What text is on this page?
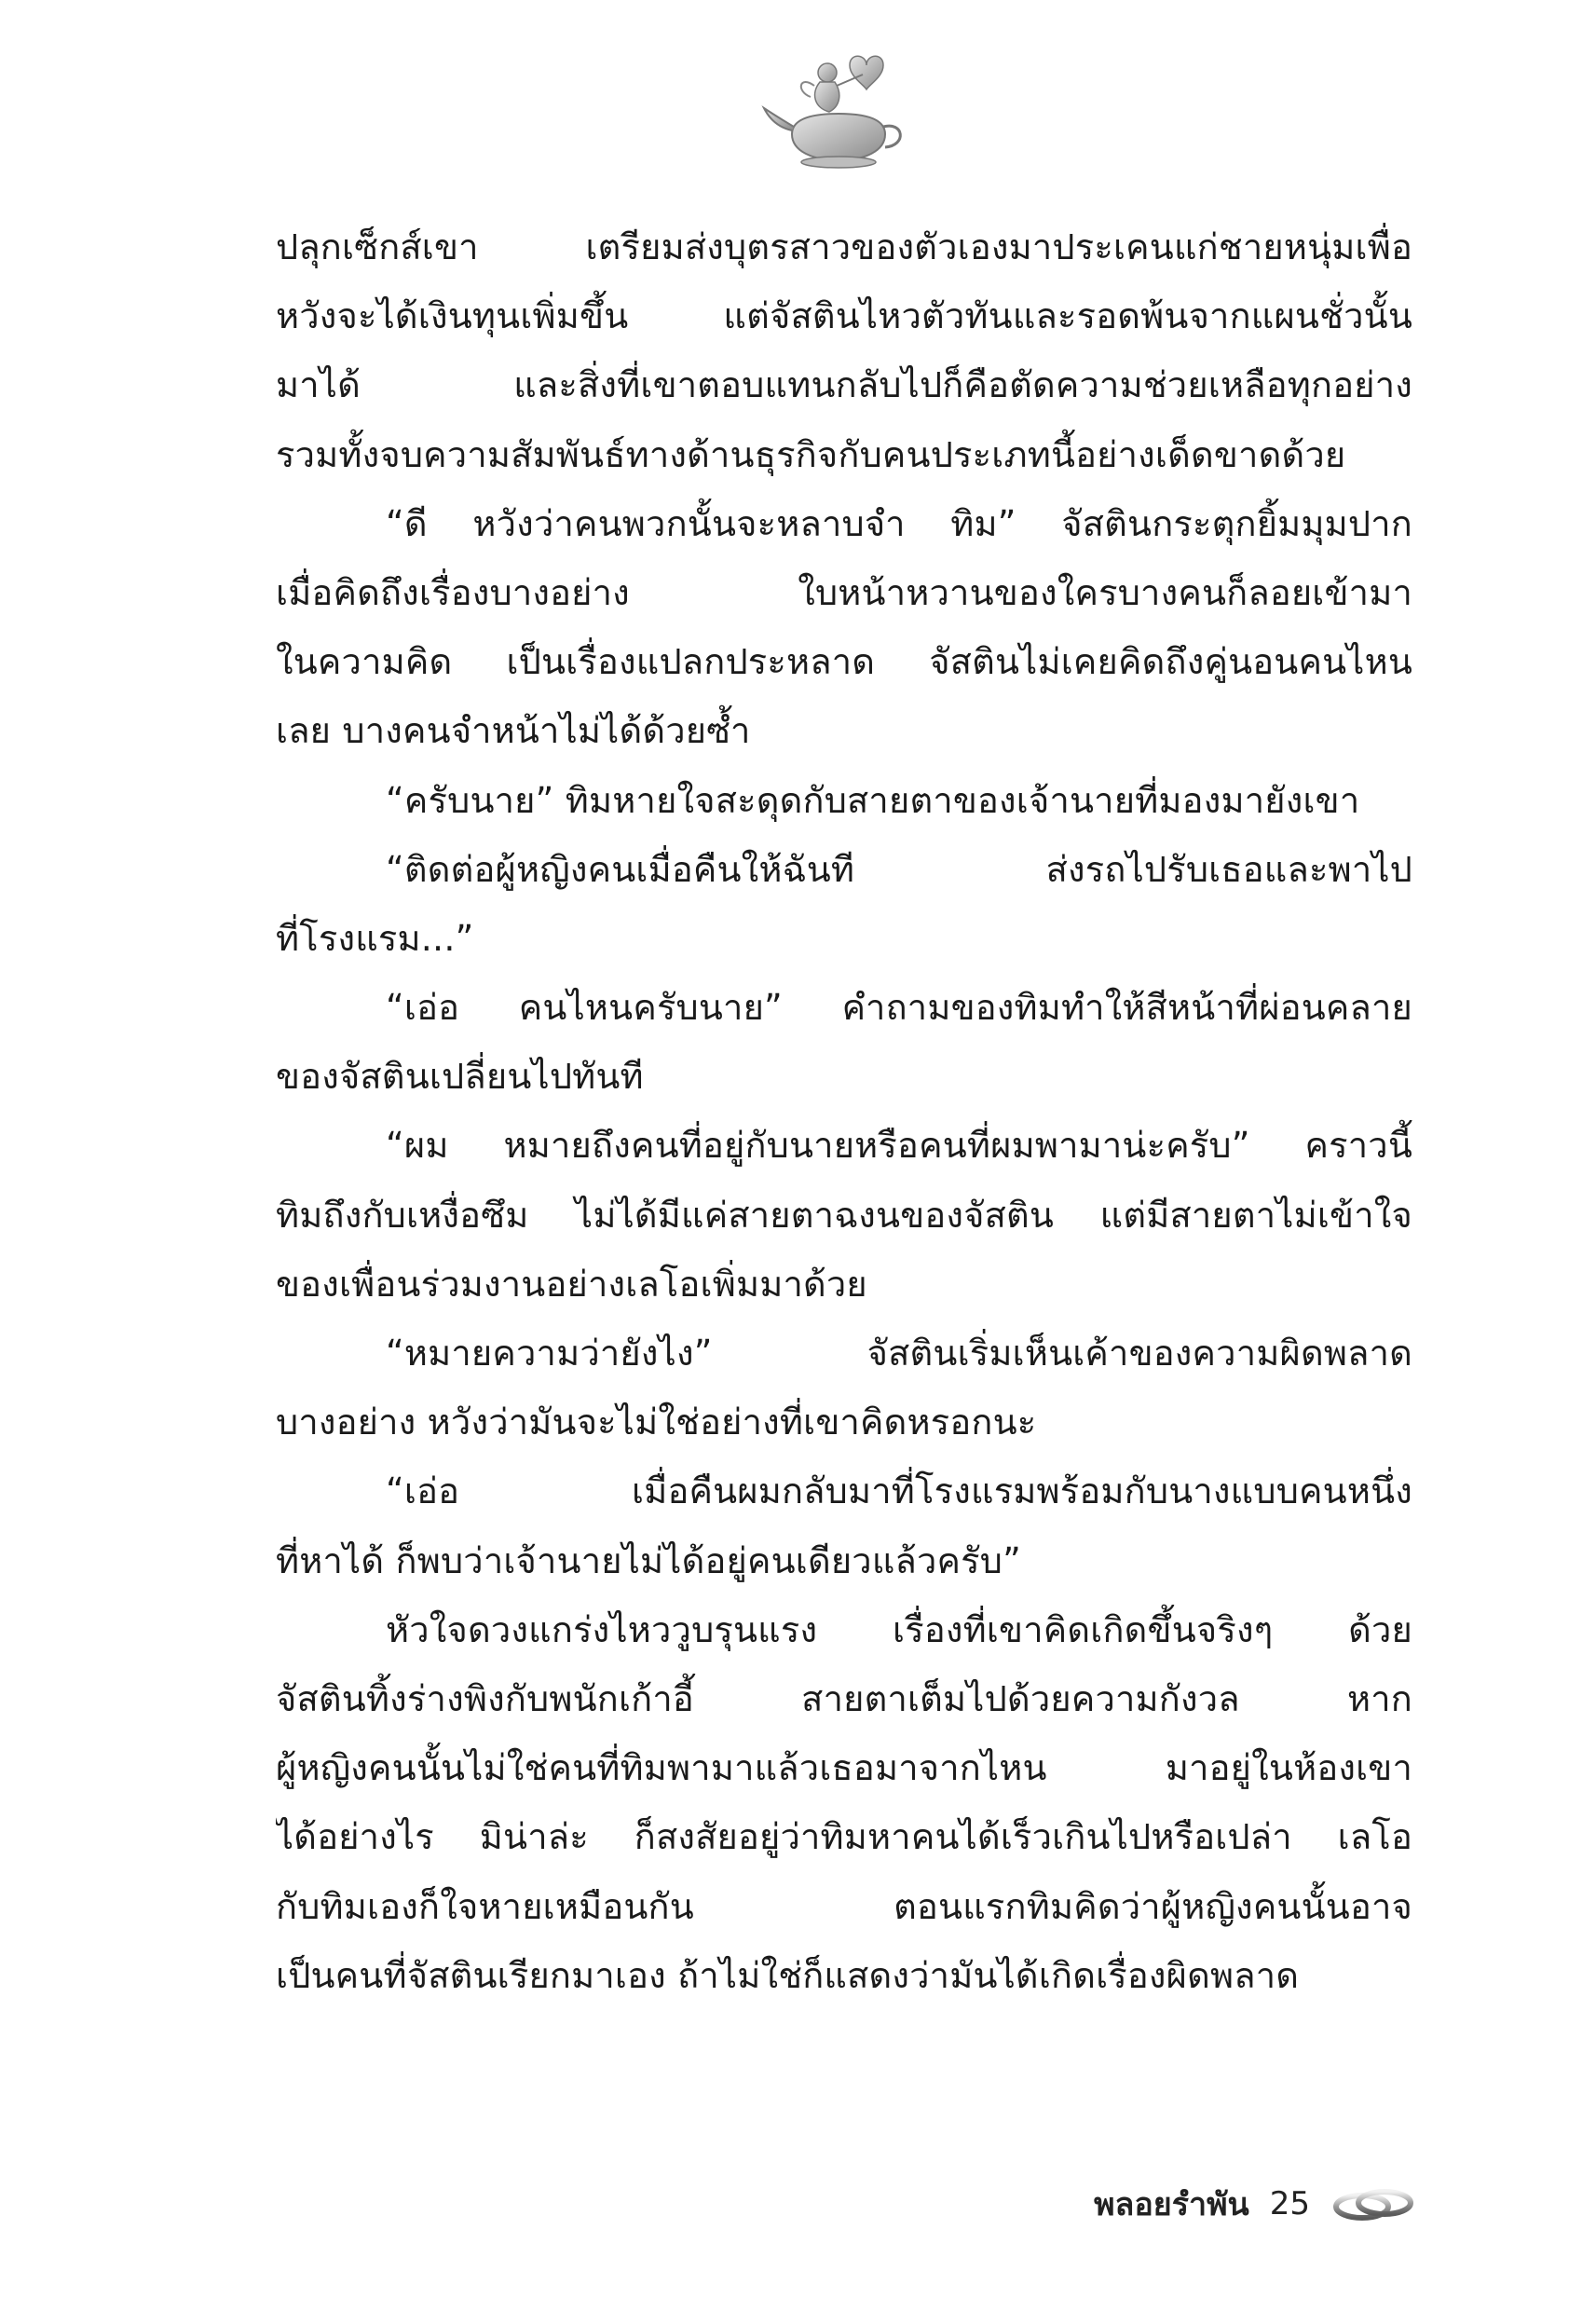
ปลุกเซ็กส์เขา เตรียมส่งบุตรสาวของตัวเองมาประเคนแก่ชายหนุ่มเพื่อ
หวังจะได้เงินทุนเพิ่มขึ้น แต่จัสตินไหวตัวทันและรอดพ้นจากแผนชั่วนั้น
มาได้ และสิ่งที่เขาตอบแทนกลับไปก็คือตัดความช่วยเหลือทุกอย่าง
รวมทั้งจบความสัมพันธ์ทางด้านธุรกิจกับคนประเภทนี้อย่างเด็ดขาดด้วย
“ดี หวังว่าคนพวกนั้นจะหลาบจำ ทิม” จัสตินกระตุกยิ้มมุมปาก
เมื่อคิดถึงเรื่องบางอย่าง ใบหน้าหวานของใครบางคนก็ลอยเข้ามา
ในความคิด เป็นเรื่องแปลกประหลาด จัสตินไม่เคยคิดถึงคู่นอนคนไหน
เลย บางคนจำหน้าไม่ได้ด้วยซ้ำ
“ครับนาย” ทิมหายใจสะดุดกับสายตาของเจ้านายที่มองมายังเขา
“ติดต่อผู้หญิงคนเมื่อคืนให้ฉันที ส่งรถไปรับเธอและพาไป
ที่โรงแรม...”
“เอ่อ คนไหนครับนาย” คำถามของทิมทำให้สีหน้าที่ผ่อนคลาย
ของจัสตินเปลี่ยนไปทันที
“ผม หมายถึงคนที่อยู่กับนายหรือคนที่ผมพามาน่ะครับ” คราวนี้
ทิมถึงกับเหงื่อซึม ไม่ได้มีแค่สายตาฉงนของจัสติน แต่มีสายตาไม่เข้าใจ
ของเพื่อนร่วมงานอย่างเลโอเพิ่มมาด้วย
“หมายความว่ายังไง” จัสตินเริ่มเห็นเค้าของความผิดพลาด
บางอย่าง หวังว่ามันจะไม่ใช่อย่างที่เขาคิดหรอกนะ
“เอ่อ เมื่อคืนผมกลับมาที่โรงแรมพร้อมกับนางแบบคนหนึ่ง
ที่หาได้ ก็พบว่าเจ้านายไม่ได้อยู่คนเดียวแล้วครับ”
หัวใจดวงแกร่งไหววูบรุนแรง เรื่องที่เขาคิดเกิดขึ้นจริงๆ ด้วย
จัสตินทิ้งร่างพิงกับพนักเก้าอี้ สายตาเต็มไปด้วยความกังวล หาก
ผู้หญิงคนนั้นไม่ใช่คนที่ทิมพามาแล้วเธอมาจากไหน มาอยู่ในห้องเขา
ได้อย่างไร มิน่าล่ะ ก็สงสัยอยู่ว่าทิมหาคนได้เร็วเกินไปหรือเปล่า เลโอ
กับทิมเองก็ใจหายเหมือนกัน ตอนแรกทิมคิดว่าผู้หญิงคนนั้นอาจ
เป็นคนที่จัสตินเรียกมาเอง ถ้าไม่ใช่ก็แสดงว่ามันได้เกิดเรื่องผิดพลาด
พลอยรำพัน 25
